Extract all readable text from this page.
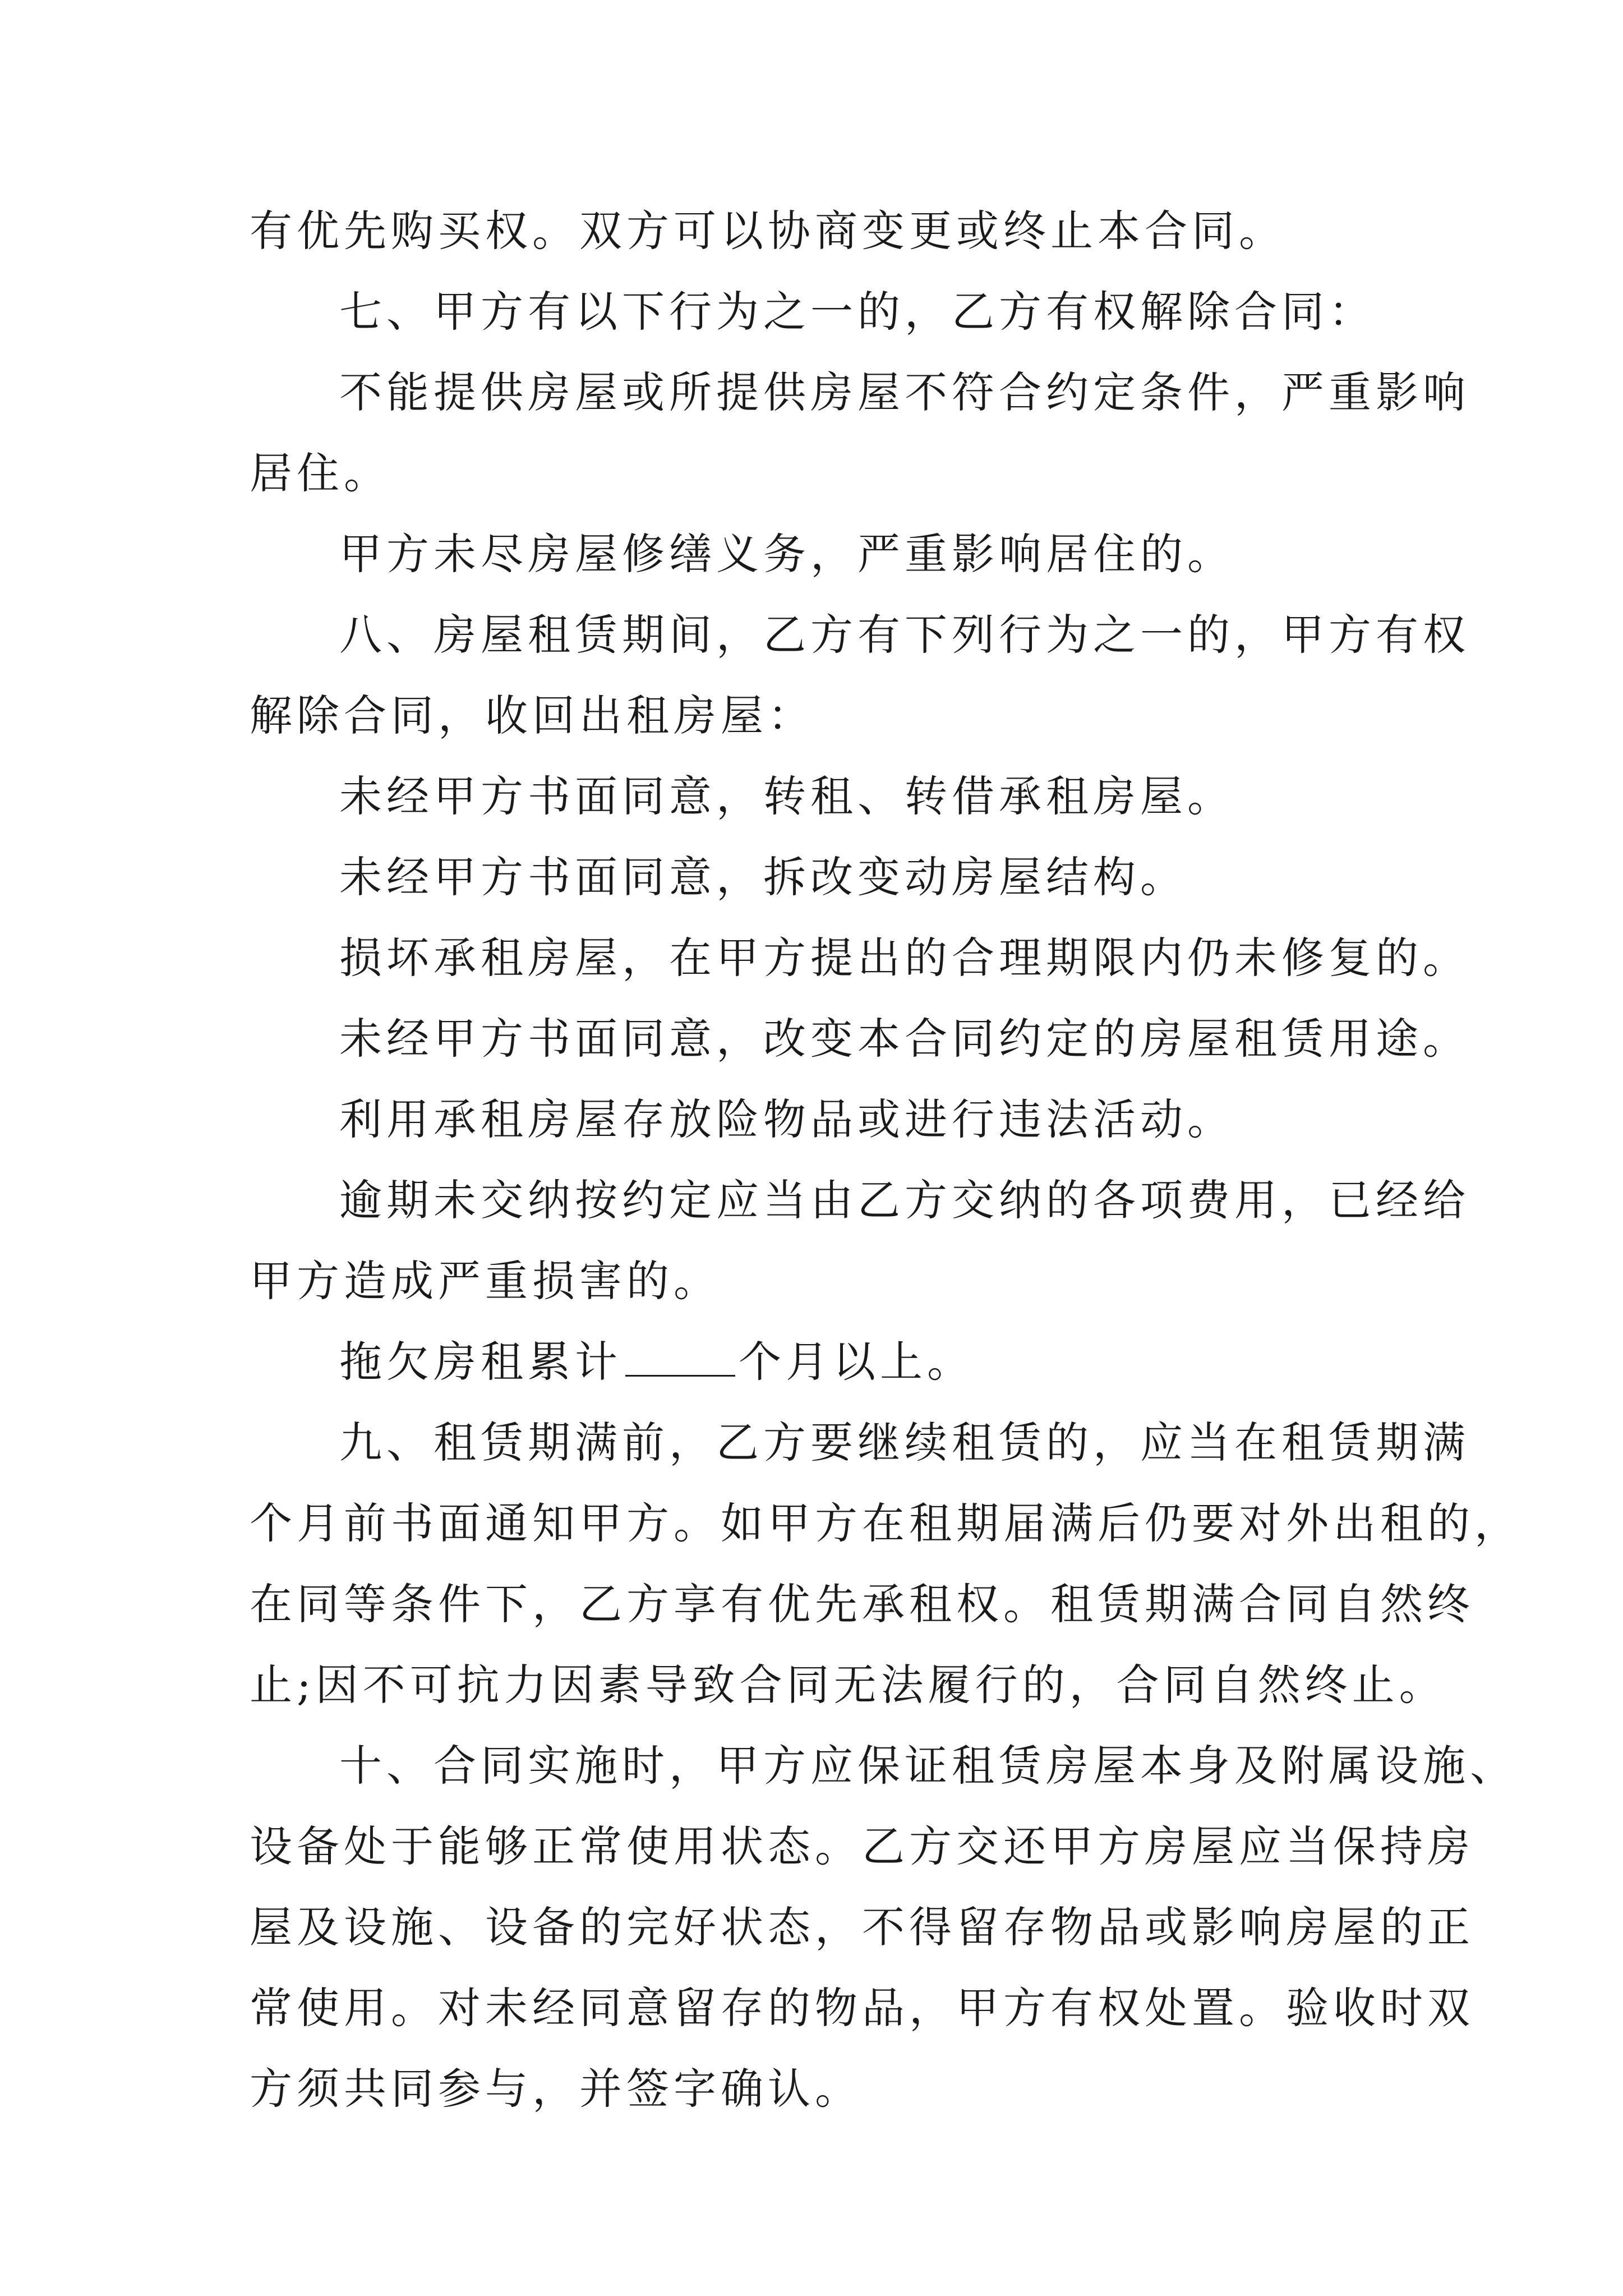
有优先购买权。双方可以协商变更或终止本合同。

七、甲方有以下行为之一的，乙方有权解除合同：

不能提供房屋或所提供房屋不符合约定条件，严重影响

居住。

甲方未尽房屋修缮义务，严重影响居住的。

八、房屋租赁期间，乙方有下列行为之一的，甲方有权

解除合同，收回出租房屋：

未经甲方书面同意，转租、转借承租房屋。

未经甲方书面同意，拆改变动房屋结构。

损坏承租房屋，在甲方提出的合理期限内仍未修复的。

未经甲方书面同意，改变本合同约定的房屋租赁用途。

利用承租房屋存放险物品或进行违法活动。

逾期未交纳按约定应当由乙方交纳的各项费用，已经给

甲方造成严重损害的。

拖欠房租累计	个月以上。

九、租赁期满前，乙方要继续租赁的，应当在租赁期满

个月前书面通知甲方。如甲方在租期届满后仍要对外出租的，

在同等条件下，乙方享有优先承租权。租赁期满合同自然终

止;因不可抗力因素导致合同无法履行的，合同自然终止。

十、合同实施时，甲方应保证租赁房屋本身及附属设施、

设备处于能够正常使用状态。乙方交还甲方房屋应当保持房

屋及设施、设备的完好状态，不得留存物品或影响房屋的正

常使用。对未经同意留存的物品，甲方有权处置。验收时双

方须共同参与，并签字确认。
